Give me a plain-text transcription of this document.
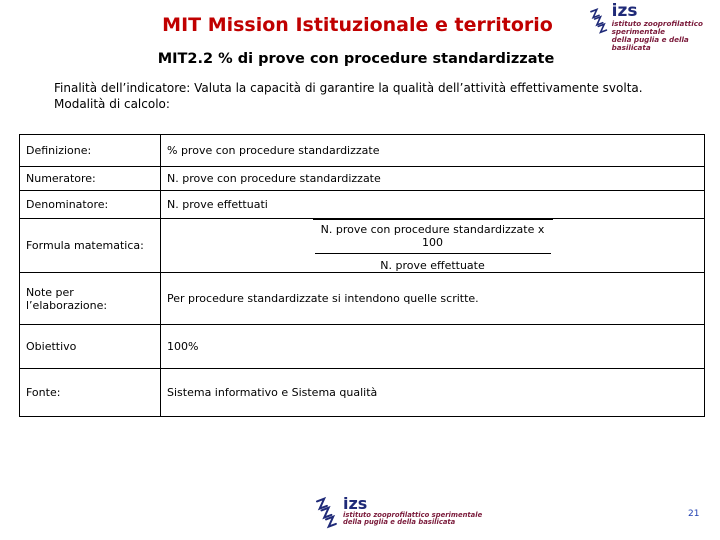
MIT Mission Istituzionale e territorio
izs
istituto zooprofilattico sperimentale
della puglia e della basilicata
MIT2.2 % di prove con procedure standardizzate
Finalità dell’indicatore: Valuta la capacità di garantire la qualità dell’attività effettivamente svolta.
Modalità di calcolo:
Definizione:	% prove con procedure standardizzate
Numeratore:	N. prove con procedure standardizzate
Denominatore:	N. prove effettuati
Formula matematica:	N. prove con procedure standardizzate x 100
N. prove effettuate

Note per l’elaborazione:	Per procedure standardizzate si intendono quelle scritte.
Obiettivo	100%
Fonte:	Sistema informativo e Sistema qualità
izs
istituto zooprofilattico sperimentale
della puglia e della basilicata
21
